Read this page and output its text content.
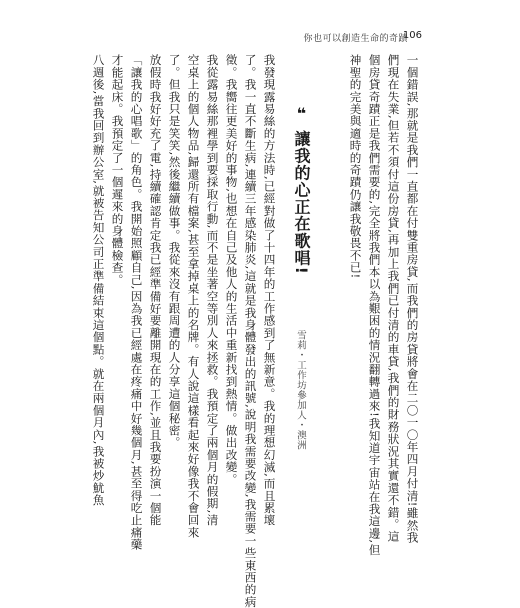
你也可以創造生命的奇蹟
106
一個錯誤,那就是我們一直都在付雙重房貸,而我們的房貸將會在二〇一〇年四月付清!雖然我
們現在失業,但若不須付這份房貸,再加上我們已付清的車貸,我們的財務狀況其實還不錯。這
個房貸奇蹟正是我們需要的,完全將我們本以為艱困的情況翻轉過來!我知道宇宙站在我這邊,但
神聖的完美與適時的奇蹟仍讓我敬畏不已!
我發現露易絲的方法時,已經對做了十四年的工作感到了無新意。我的理想幻滅,而且累壞
了。我一直不斷生病,連續三年感染肺炎,這就是我身體發出的訊號,說明我需要改變,我需要一些東西的病
徵。我嚮往更美好的事物,也想在自己及他人的生活中重新找到熱情。做出改變。
我從露易絲那裡學到要採取行動,而不是坐著空等別人來拯救。我預定了兩個月的假期,清
空桌上的個人物品,歸還所有檔案,甚至拿掉桌上的名牌。有人說這樣看起來好像我不會回來
了。但我只是笑笑,然後繼續做事。我從來沒有跟周遭的人分享這個秘密。
放假時我好好充了電,持續確認肯定我已經準備好要離開現在的工作,並且我要扮演一個能
「讓我的心唱歌」的角色。我開始照顧自己,因為我已經處在疼痛中好幾個月,甚至得吃止痛藥
才能起床。我預定了一個遲來的身體檢查。
八週後,當我回到辦公室,就被告知公司正準備結束這個點。就在兩個月內,我被炒魷魚	❝ 讓我的心正在歌唱!
雪莉・工作坊參加人・澳洲
